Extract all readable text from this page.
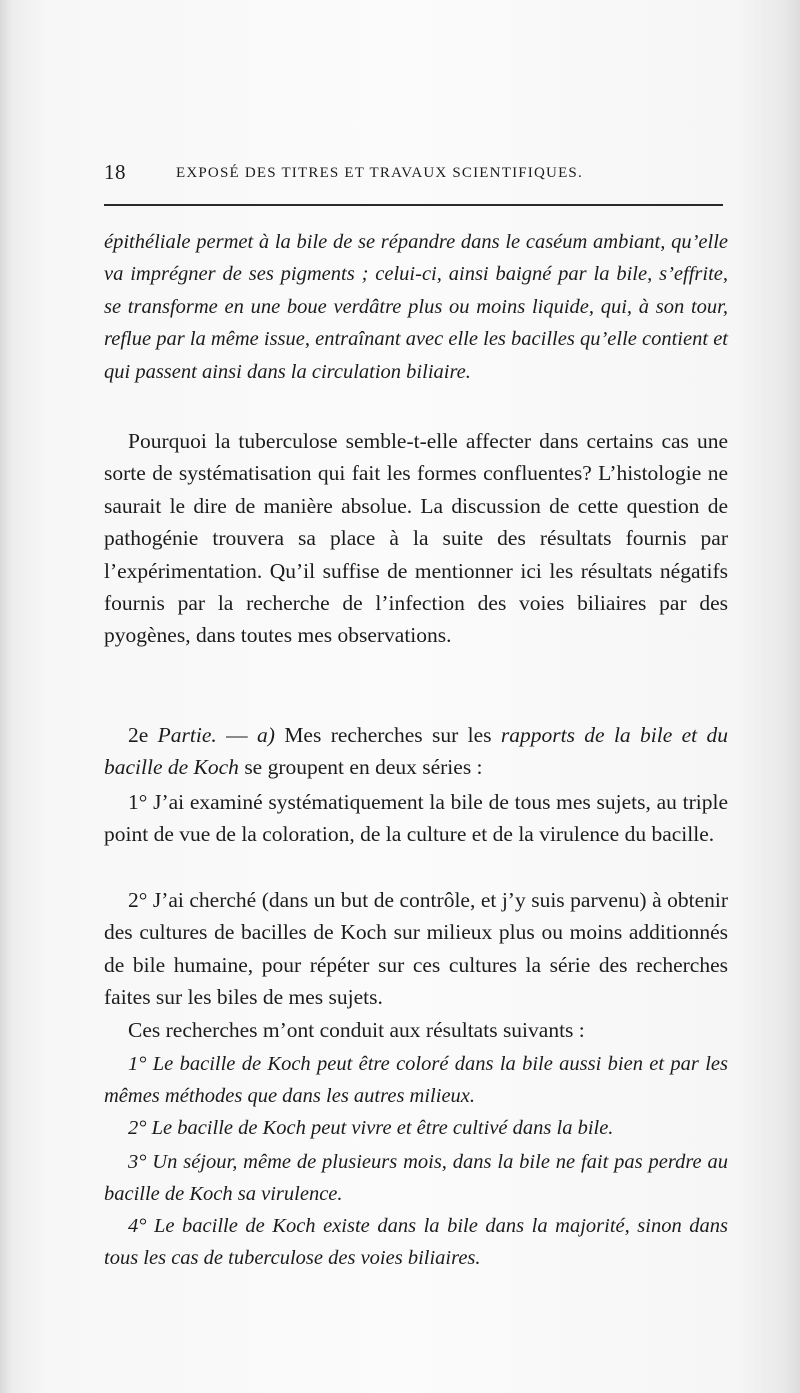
18	EXPOSÉ DES TITRES ET TRAVAUX SCIENTIFIQUES.

épithéliale permet à la bile de se répandre dans le caséum ambiant, qu’elle va imprégner de ses pigments ; celui-ci, ainsi baigné par la bile, s’effrite, se transforme en une boue verdâtre plus ou moins liquide, qui, à son tour, reflue par la même issue, entraînant avec elle les bacilles qu’elle contient et qui passent ainsi dans la circulation biliaire.

Pourquoi la tuberculose semble-t-elle affecter dans certains cas une sorte de systématisation qui fait les formes confluentes? L’histologie ne saurait le dire de manière absolue. La discussion de cette question de pathogénie trouvera sa place à la suite des résultats fournis par l’expérimentation. Qu’il suffise de mentionner ici les résultats négatifs fournis par la recherche de l’infection des voies biliaires par des pyogènes, dans toutes mes observations.

2e Partie. — a) Mes recherches sur les rapports de la bile et du bacille de Koch se groupent en deux séries :

1° J’ai examiné systématiquement la bile de tous mes sujets, au triple point de vue de la coloration, de la culture et de la virulence du bacille.

2° J’ai cherché (dans un but de contrôle, et j’y suis parvenu) à obtenir des cultures de bacilles de Koch sur milieux plus ou moins additionnés de bile humaine, pour répéter sur ces cultures la série des recherches faites sur les biles de mes sujets.

Ces recherches m’ont conduit aux résultats suivants :

1° Le bacille de Koch peut être coloré dans la bile aussi bien et par les mêmes méthodes que dans les autres milieux.

2° Le bacille de Koch peut vivre et être cultivé dans la bile.

3° Un séjour, même de plusieurs mois, dans la bile ne fait pas perdre au bacille de Koch sa virulence.

4° Le bacille de Koch existe dans la bile dans la majorité, sinon dans tous les cas de tuberculose des voies biliaires.
